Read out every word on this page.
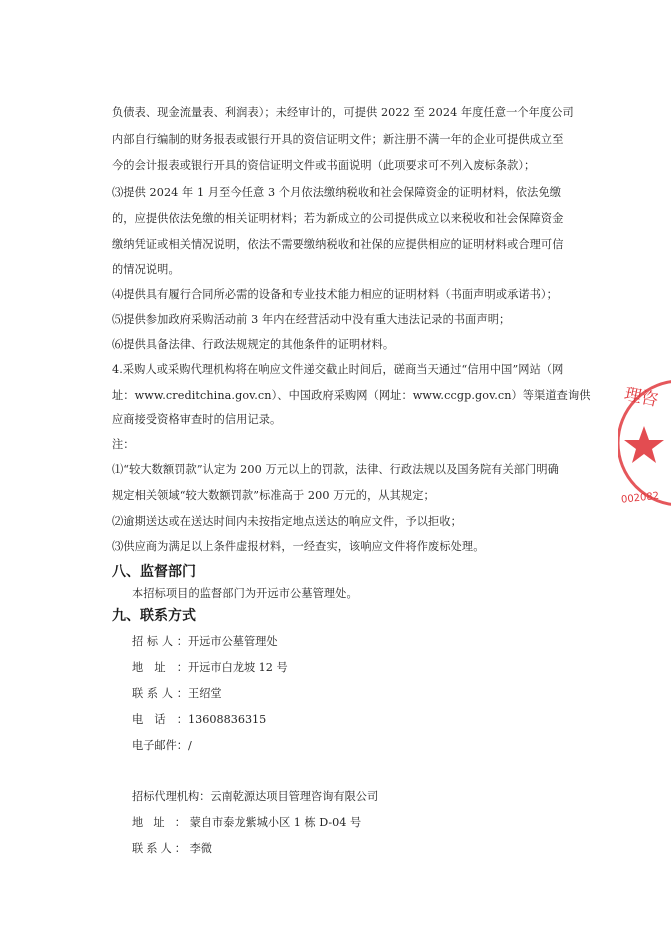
负债表、现金流量表、利润表）；未经审计的，可提供 2022 至 2024 年度任意一个年度公司
内部自行编制的财务报表或银行开具的资信证明文件；新注册不满一年的企业可提供成立至
今的会计报表或银行开具的资信证明文件或书面说明（此项要求可不列入废标条款）；
⑶提供 2024 年 1 月至今任意 3 个月依法缴纳税收和社会保障资金的证明材料，依法免缴
的，应提供依法免缴的相关证明材料；若为新成立的公司提供成立以来税收和社会保障资金
缴纳凭证或相关情况说明，依法不需要缴纳税收和社保的应提供相应的证明材料或合理可信
的情况说明。
⑷提供具有履行合同所必需的设备和专业技术能力相应的证明材料（书面声明或承诺书）；
⑸提供参加政府采购活动前 3 年内在经营活动中没有重大违法记录的书面声明；
⑹提供具备法律、行政法规规定的其他条件的证明材料。
4.采购人或采购代理机构将在响应文件递交截止时间后，磋商当天通过“信用中国”网站（网
址：www.creditchina.gov.cn）、中国政府采购网（网址：www.ccgp.gov.cn）等渠道查询供
应商接受资格审查时的信用记录。
注：
⑴“较大数额罚款”认定为 200 万元以上的罚款，法律、行政法规以及国务院有关部门明确
规定相关领域“较大数额罚款”标准高于 200 万元的，从其规定；
⑵逾期送达或在送达时间内未按指定地点送达的响应文件，予以拒收；
⑶供应商为满足以上条件虚报材料，一经查实，该响应文件将作废标处理。
八、监督部门
本招标项目的监督部门为开远市公墓管理处。
九、联系方式
招标人：开远市公墓管理处
地址：开远市白龙坡 12 号
联系人：王绍堂
电话：13608836315
电子邮件：/
招标代理机构：云南乾源达项目管理咨询有限公司
地址： 蒙自市泰龙紫城小区 1 栋 D-04 号
联系人： 李微
理咨
002082
